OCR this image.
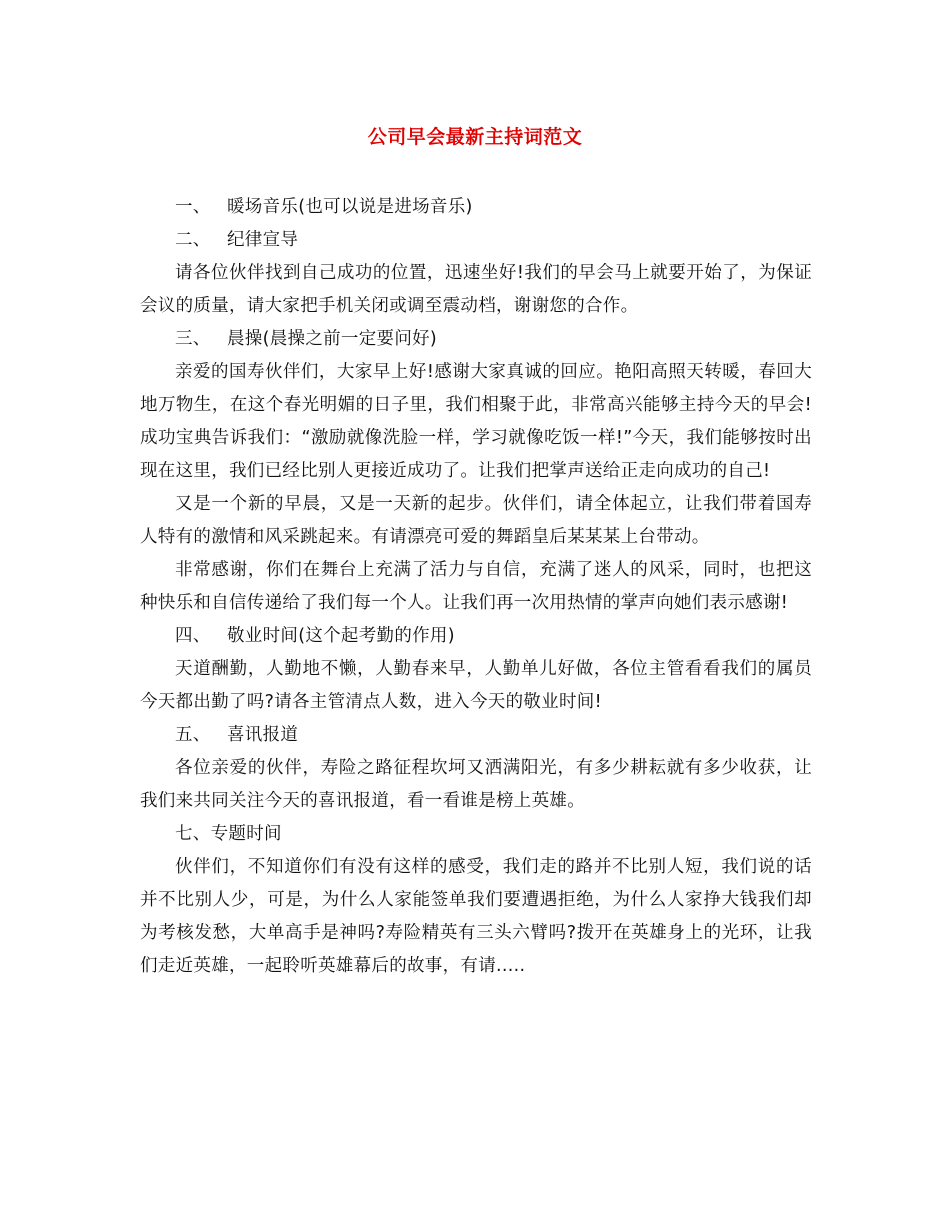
公司早会最新主持词范文

一、 暖场音乐(也可以说是进场音乐)

二、 纪律宣导

请各位伙伴找到自己成功的位置，迅速坐好!我们的早会马上就要开始了，为保证会议的质量，请大家把手机关闭或调至震动档，谢谢您的合作。

三、 晨操(晨操之前一定要问好)

亲爱的国寿伙伴们，大家早上好!感谢大家真诚的回应。艳阳高照天转暖，春回大地万物生，在这个春光明媚的日子里，我们相聚于此，非常高兴能够主持今天的早会!成功宝典告诉我们：“激励就像洗脸一样，学习就像吃饭一样!”今天，我们能够按时出现在这里，我们已经比别人更接近成功了。让我们把掌声送给正走向成功的自己!

又是一个新的早晨，又是一天新的起步。伙伴们，请全体起立，让我们带着国寿人特有的激情和风采跳起来。有请漂亮可爱的舞蹈皇后某某某上台带动。

非常感谢，你们在舞台上充满了活力与自信，充满了迷人的风采，同时，也把这种快乐和自信传递给了我们每一个人。让我们再一次用热情的掌声向她们表示感谢!

四、 敬业时间(这个起考勤的作用)

天道酬勤，人勤地不懒，人勤春来早，人勤单儿好做，各位主管看看我们的属员今天都出勤了吗?请各主管清点人数，进入今天的敬业时间!

五、 喜讯报道

各位亲爱的伙伴，寿险之路征程坎坷又洒满阳光，有多少耕耘就有多少收获，让我们来共同关注今天的喜讯报道，看一看谁是榜上英雄。

七、专题时间

伙伴们，不知道你们有没有这样的感受，我们走的路并不比别人短，我们说的话并不比别人少，可是，为什么人家能签单我们要遭遇拒绝，为什么人家挣大钱我们却为考核发愁，大单高手是神吗?寿险精英有三头六臂吗?拨开在英雄身上的光环，让我们走近英雄，一起聆听英雄幕后的故事，有请.....
